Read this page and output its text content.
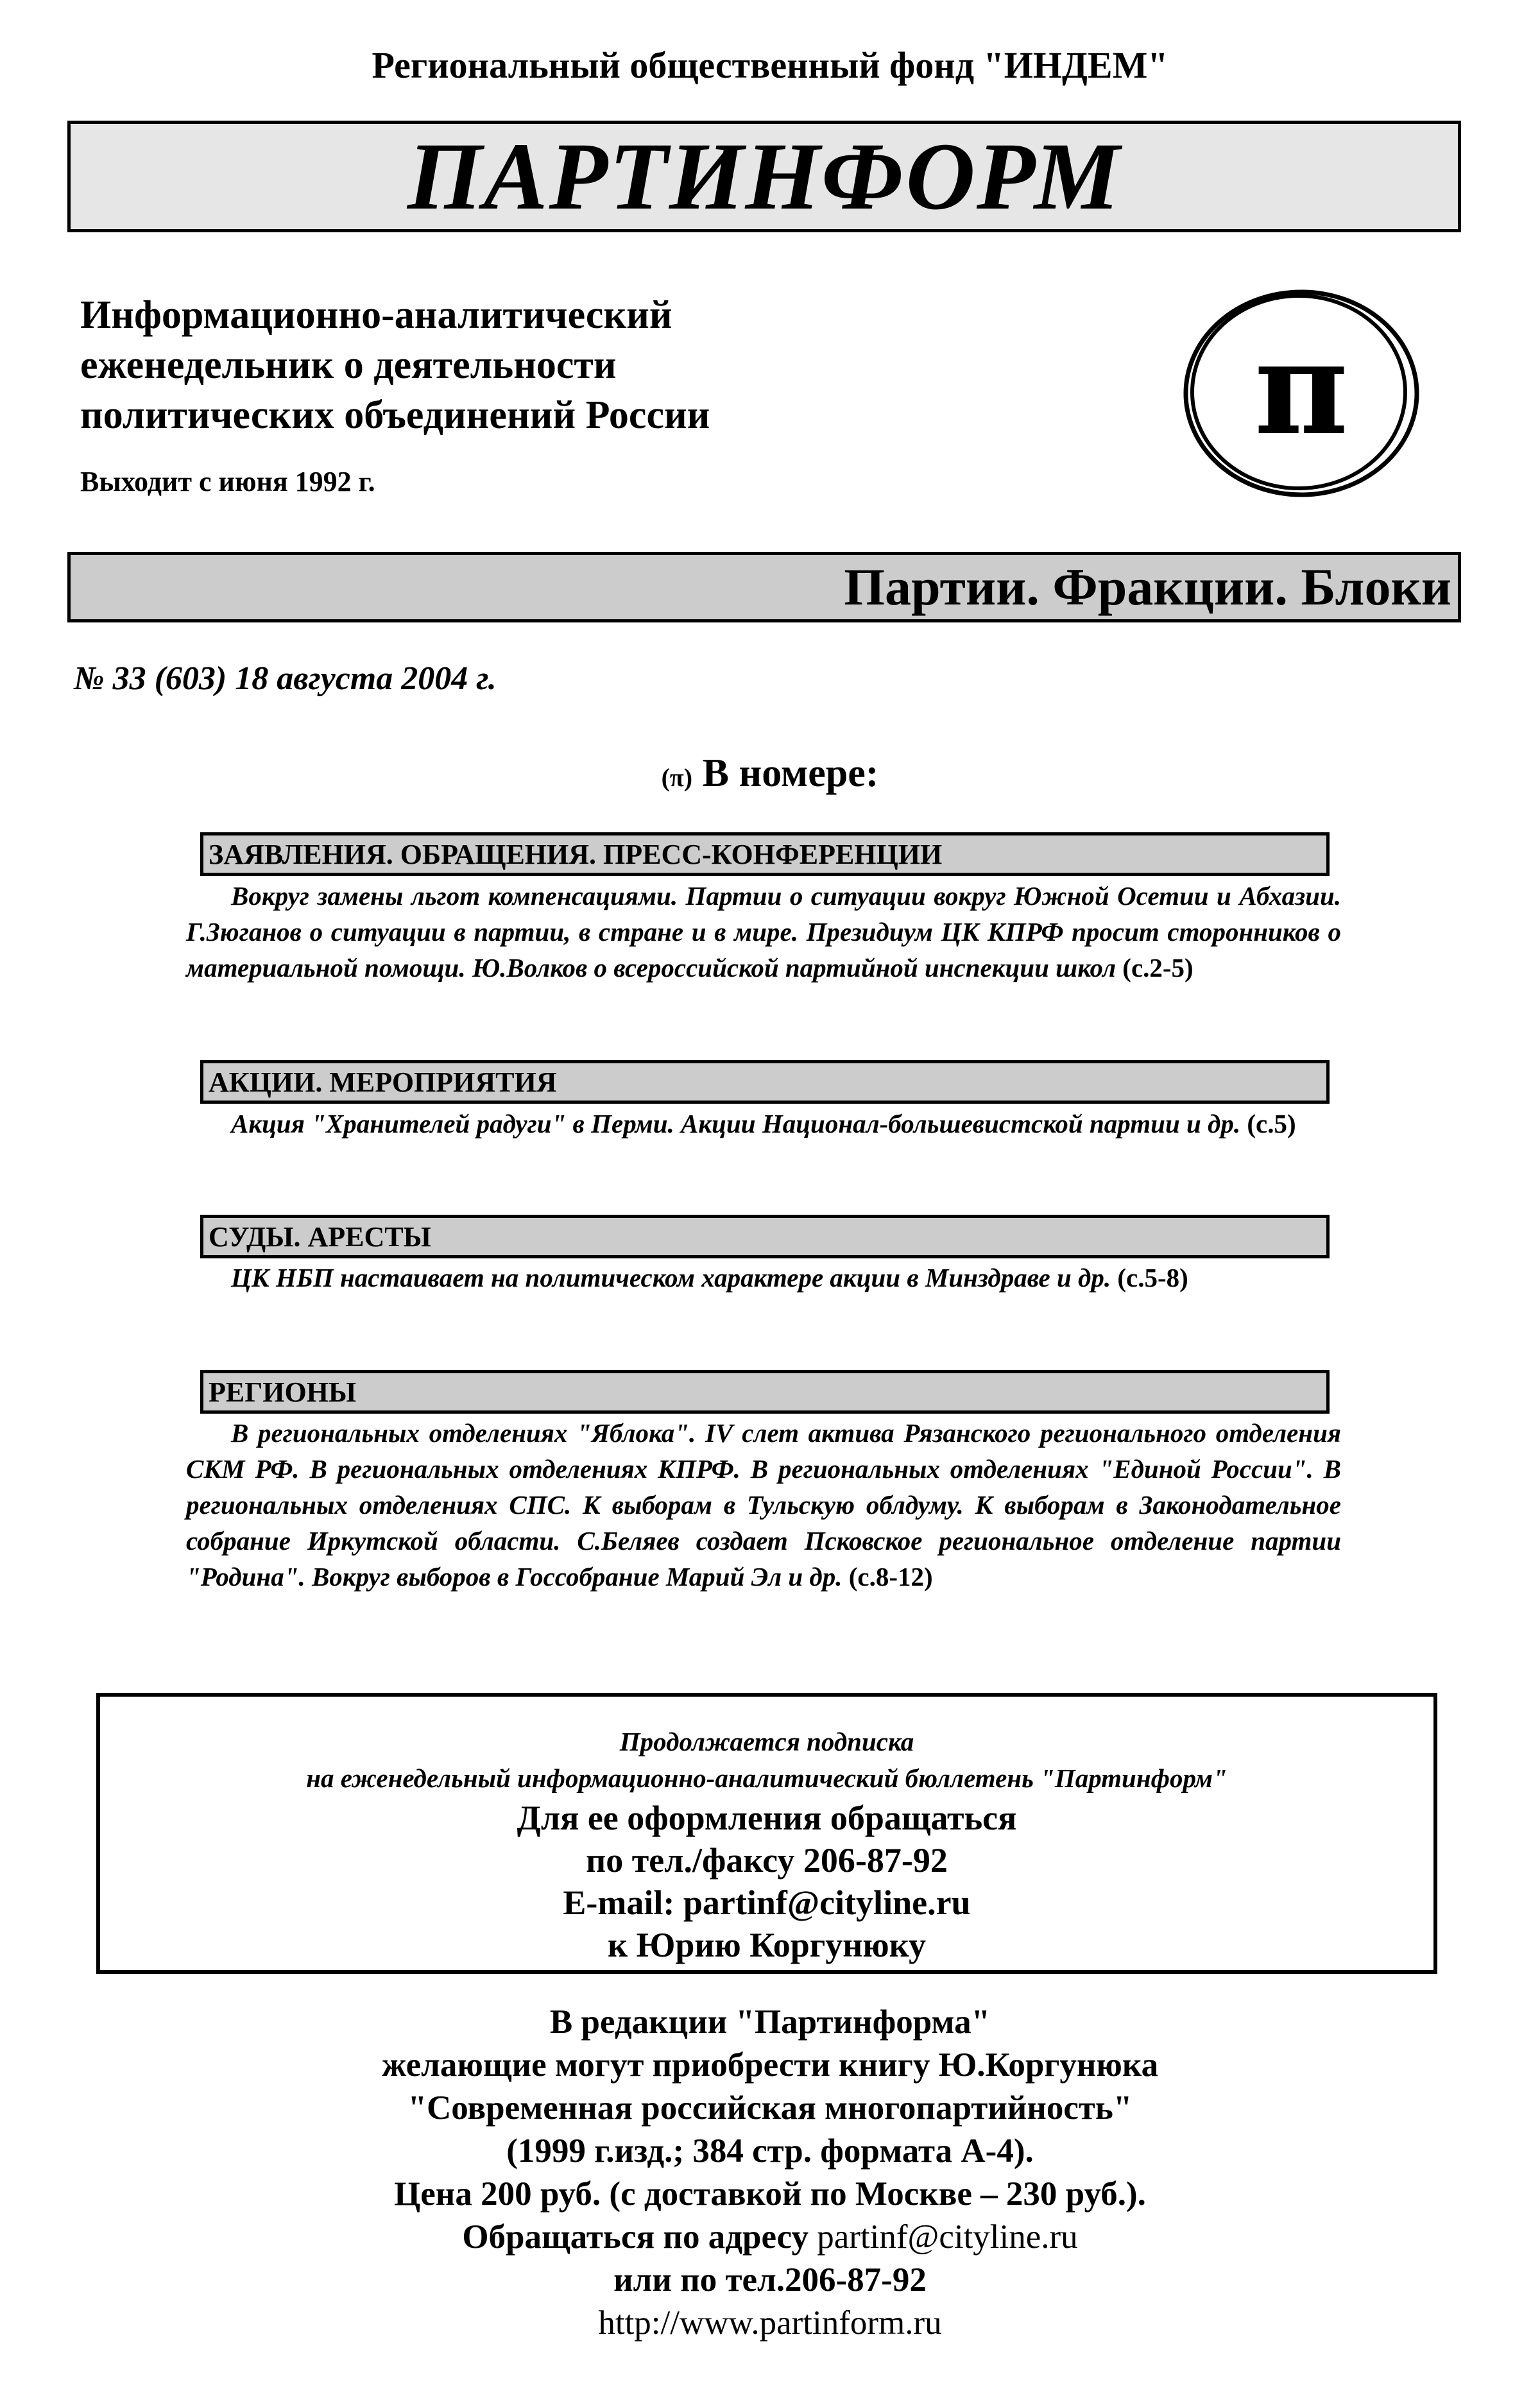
Региональный общественный фонд "ИНДЕМ"
ПАРТИНФОРМ
Информационно-аналитический
еженедельник о деятельности
политических объединений России
Выходит с июня 1992 г.
π
Партии. Фракции. Блоки
№ 33 (603) 18 августа 2004 г.
(π) В номере:
ЗАЯВЛЕНИЯ. ОБРАЩЕНИЯ. ПРЕСС-КОНФЕРЕНЦИИ
Вокруг замены льгот компенсациями. Партии о ситуации вокруг Южной Осетии и Абхазии. Г.Зюганов о ситуации в партии, в стране и в мире. Президиум ЦК КПРФ просит сторонников о материальной помощи. Ю.Волков о всероссийской партийной инспекции школ (с.2-5)
АКЦИИ. МЕРОПРИЯТИЯ
Акция "Хранителей радуги" в Перми. Акции Национал-большевистской партии и др. (с.5)
СУДЫ. АРЕСТЫ
ЦК НБП настаивает на политическом характере акции в Минздраве и др. (с.5-8)
РЕГИОНЫ
В региональных отделениях "Яблока". IV слет актива Рязанского регионального отделения СКМ РФ. В региональных отделениях КПРФ. В региональных отделениях "Единой России". В региональных отделениях СПС. К выборам в Тульскую облдуму. К выборам в Законодательное собрание Иркутской области. С.Беляев создает Псковское региональное отделение партии "Родина". Вокруг выборов в Госсобрание Марий Эл и др. (с.8-12)
Продолжается подписка
на еженедельный информационно-аналитический бюллетень "Партинформ"
Для ее оформления обращаться
по тел./факсу 206-87-92
E-mail: partinf@cityline.ru
к Юрию Коргунюку
В редакции "Партинформа"
желающие могут приобрести книгу Ю.Коргунюка
"Современная российская многопартийность"
(1999 г.изд.; 384 стр. формата А-4).
Цена 200 руб. (с доставкой по Москве – 230 руб.).
Обращаться по адресу partinf@cityline.ru
или по тел.206-87-92
http://www.partinform.ru
